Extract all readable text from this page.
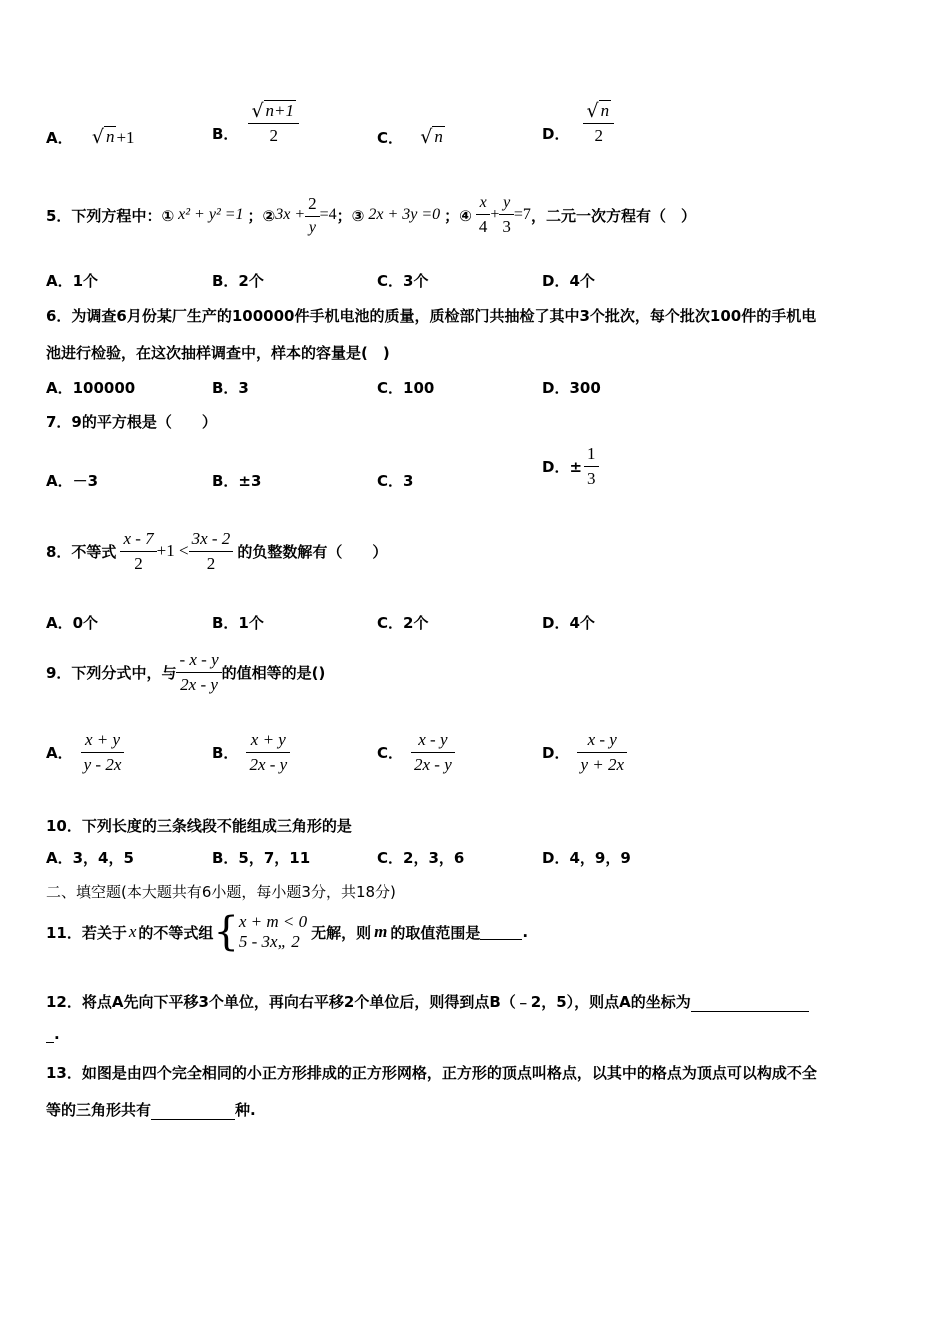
A． √ n +1	B． $\frac{√ n+1}{2}$	C． √ n	D． $\frac{√ n}{2}$
5．下列方程中：① x² + y² =1 ；② $3x + \frac{2}{y} =4$ ；③ 2x + 3y =0 ；④ $\frac{x}{4} + \frac{y}{3} =7$ ，二元一次方程有（　）
A．1个	B．2个	C．3个	D．4个
6．为调查6月份某厂生产的100000件手机电池的质量，质检部门共抽检了其中3个批次，每个批次100件的手机电
池进行检验，在这次抽样调查中，样本的容量是(　)
A．100000	B．3	C．100	D．300
7．9的平方根是（　　）
A．－3	B．±3	C．3
D．± $\frac{1}{3}$
8．不等式 $\frac{x - 7}{2} +1 < \frac{3x - 2}{2}$ 的负整数解有（　　）
A．0个	B．1个	C．2个	D．4个
9．下列分式中，与 $\frac{- x - y}{2x - y}$ 的值相等的是()
A． $\frac{x + y}{y - 2x}$	B． $\frac{x + y}{2x - y}$	C． $\frac{x - y}{2x - y}$	D． $\frac{x - y}{y + 2x}$
10．下列长度的三条线段不能组成三角形的是
A．3，4，5	B．5，7，11	C．2，3，6	D．4，9，9
二、填空题(本大题共有6小题，每小题3分，共18分)
11．若关于 x 的不等式组 { x + m < 0
5 - 3x„ 2 无解，则 m 的取值范围是	.
12．将点A先向下平移3个单位，再向右平移2个单位后，则得到点B（﹣2，5），则点A的坐标为
.
13．如图是由四个完全相同的小正方形排成的正方形网格，正方形的顶点叫格点，以其中的格点为顶点可以构成不全
等的三角形共有	种.
